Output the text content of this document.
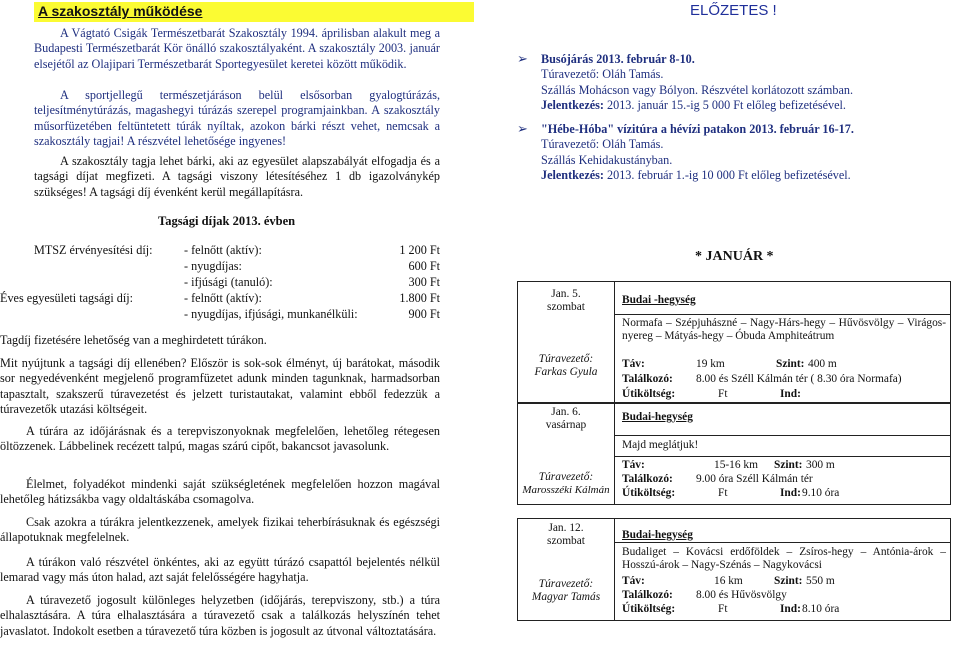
A szakosztály működése

A Vágtató Csigák Természetbarát Szakosztály 1994. áprilisban alakult meg a Budapesti Természetbarát Kör önálló szakosztályaként. A szakosztály 2003. január elsejétől az Olajipari Természetbarát Sportegyesület keretei között működik.

A sportjellegű természetjáráson belül elsősorban gyalogtúrázás, teljesítménytúrázás, magashegyi túrázás szerepel programjainkban. A szakosztály műsorfüzetében feltüntetett túrák nyíltak, azokon bárki részt vehet, nemcsak a szakosztály tagjai! A részvétel lehetősége ingyenes!

A szakosztály tagja lehet bárki, aki az egyesület alapszabályát elfogadja és a tagsági díjat megfizeti. A tagsági viszony létesítéséhez 1 db igazolványkép szükséges! A tagsági díj évenként kerül megállapításra.

Tagsági díjak 2013. évben
MTSZ érvényesítési díj:	- felnőtt (aktív):	1 200 Ft
- nyugdíjas:	600 Ft
- ifjúsági (tanuló):	300 Ft
Éves egyesületi tagsági díj:	- felnőtt (aktív):	1.800 Ft
- nyugdíjas, ifjúsági, munkanélküli:	900 Ft

Tagdíj fizetésére lehetőség van a meghirdetett túrákon.

Mit nyújtunk a tagsági díj ellenében? Először is sok-sok élményt, új barátokat, második sor negyedévenként megjelenő programfüzetet adunk minden tagunknak, harmadsorban tapasztalt, szakszerű túravezetést és jelzett turistautakat, valamint ebből fedezzük a túravezetők utazási költségeit.

A túrára az időjárásnak és a terepviszonyoknak megfelelően, lehetőleg rétegesen öltözzenek. Lábbelinek recézett talpú, magas szárú cipőt, bakancsot javasolunk.

Élelmet, folyadékot mindenki saját szükségletének megfelelően hozzon magával lehetőleg hátizsákba vagy oldaltáskába csomagolva.

Csak azokra a túrákra jelentkezzenek, amelyek fizikai teherbírásuknak és egészségi állapotuknak megfelelnek.

A túrákon való részvétel önkéntes, aki az együtt túrázó csapattól bejelentés nélkül lemarad vagy más úton halad, azt saját felelősségére hagyhatja.

A túravezető jogosult különleges helyzetben (időjárás, terepviszony, stb.) a túra elhalasztására. A túra elhalasztására a túravezető csak a találkozás helyszínén tehet javaslatot. Indokolt esetben a túravezető túra közben is jogosult az útvonal változtatására.

ELŐZETES !
➢ Busójárás 2013. február 8-10.
Túravezető: Oláh Tamás.
Szállás Mohácson vagy Bólyon. Részvétel korlátozott számban.
Jelentkezés: 2013. január 15.-ig 5 000 Ft előleg befizetésével.
➢ "Hébe-Hóba" vízitúra a hévízi patakon 2013. február 16-17.
Túravezető: Oláh Tamás.
Szállás Kehidakustányban.
Jelentkezés: 2013. február 1.-ig 10 000 Ft előleg befizetésével.
* JANUÁR *
Jan. 5.
szombat
Túravezető:
Farkas Gyula
Budai -hegység
Normafa – Szépjuhászné – Nagy-Hárs-hegy – Hűvösvölgy – Virágos-nyereg – Mátyás-hegy – Óbuda Amphiteátrum
Táv:	19 km	Szint: 400 m
Találkozó: 8.00 és Széll Kálmán tér ( 8.30 óra Normafa)
Útiköltség:	Ft	Ind:
Jan. 6.
vasárnap
Túravezető:
Marosszéki Kálmán
Budai-hegység
Majd meglátjuk!
Táv:	15-16 km Szint: 300 m
Találkozó: 9.00 óra Széll Kálmán tér
Útiköltség:	Ft	Ind: 9.10 óra
Jan. 12.
szombat
Túravezető:
Magyar Tamás
Budai-hegység
Budaliget – Kovácsi erdőföldek – Zsíros-hegy – Antónia-árok – Hosszú-árok – Nagy-Szénás – Nagykovácsi
Táv:	16 km	Szint: 550 m
Találkozó: 8.00 és Hűvösvölgy
Útiköltség:	Ft	Ind: 8.10 óra
